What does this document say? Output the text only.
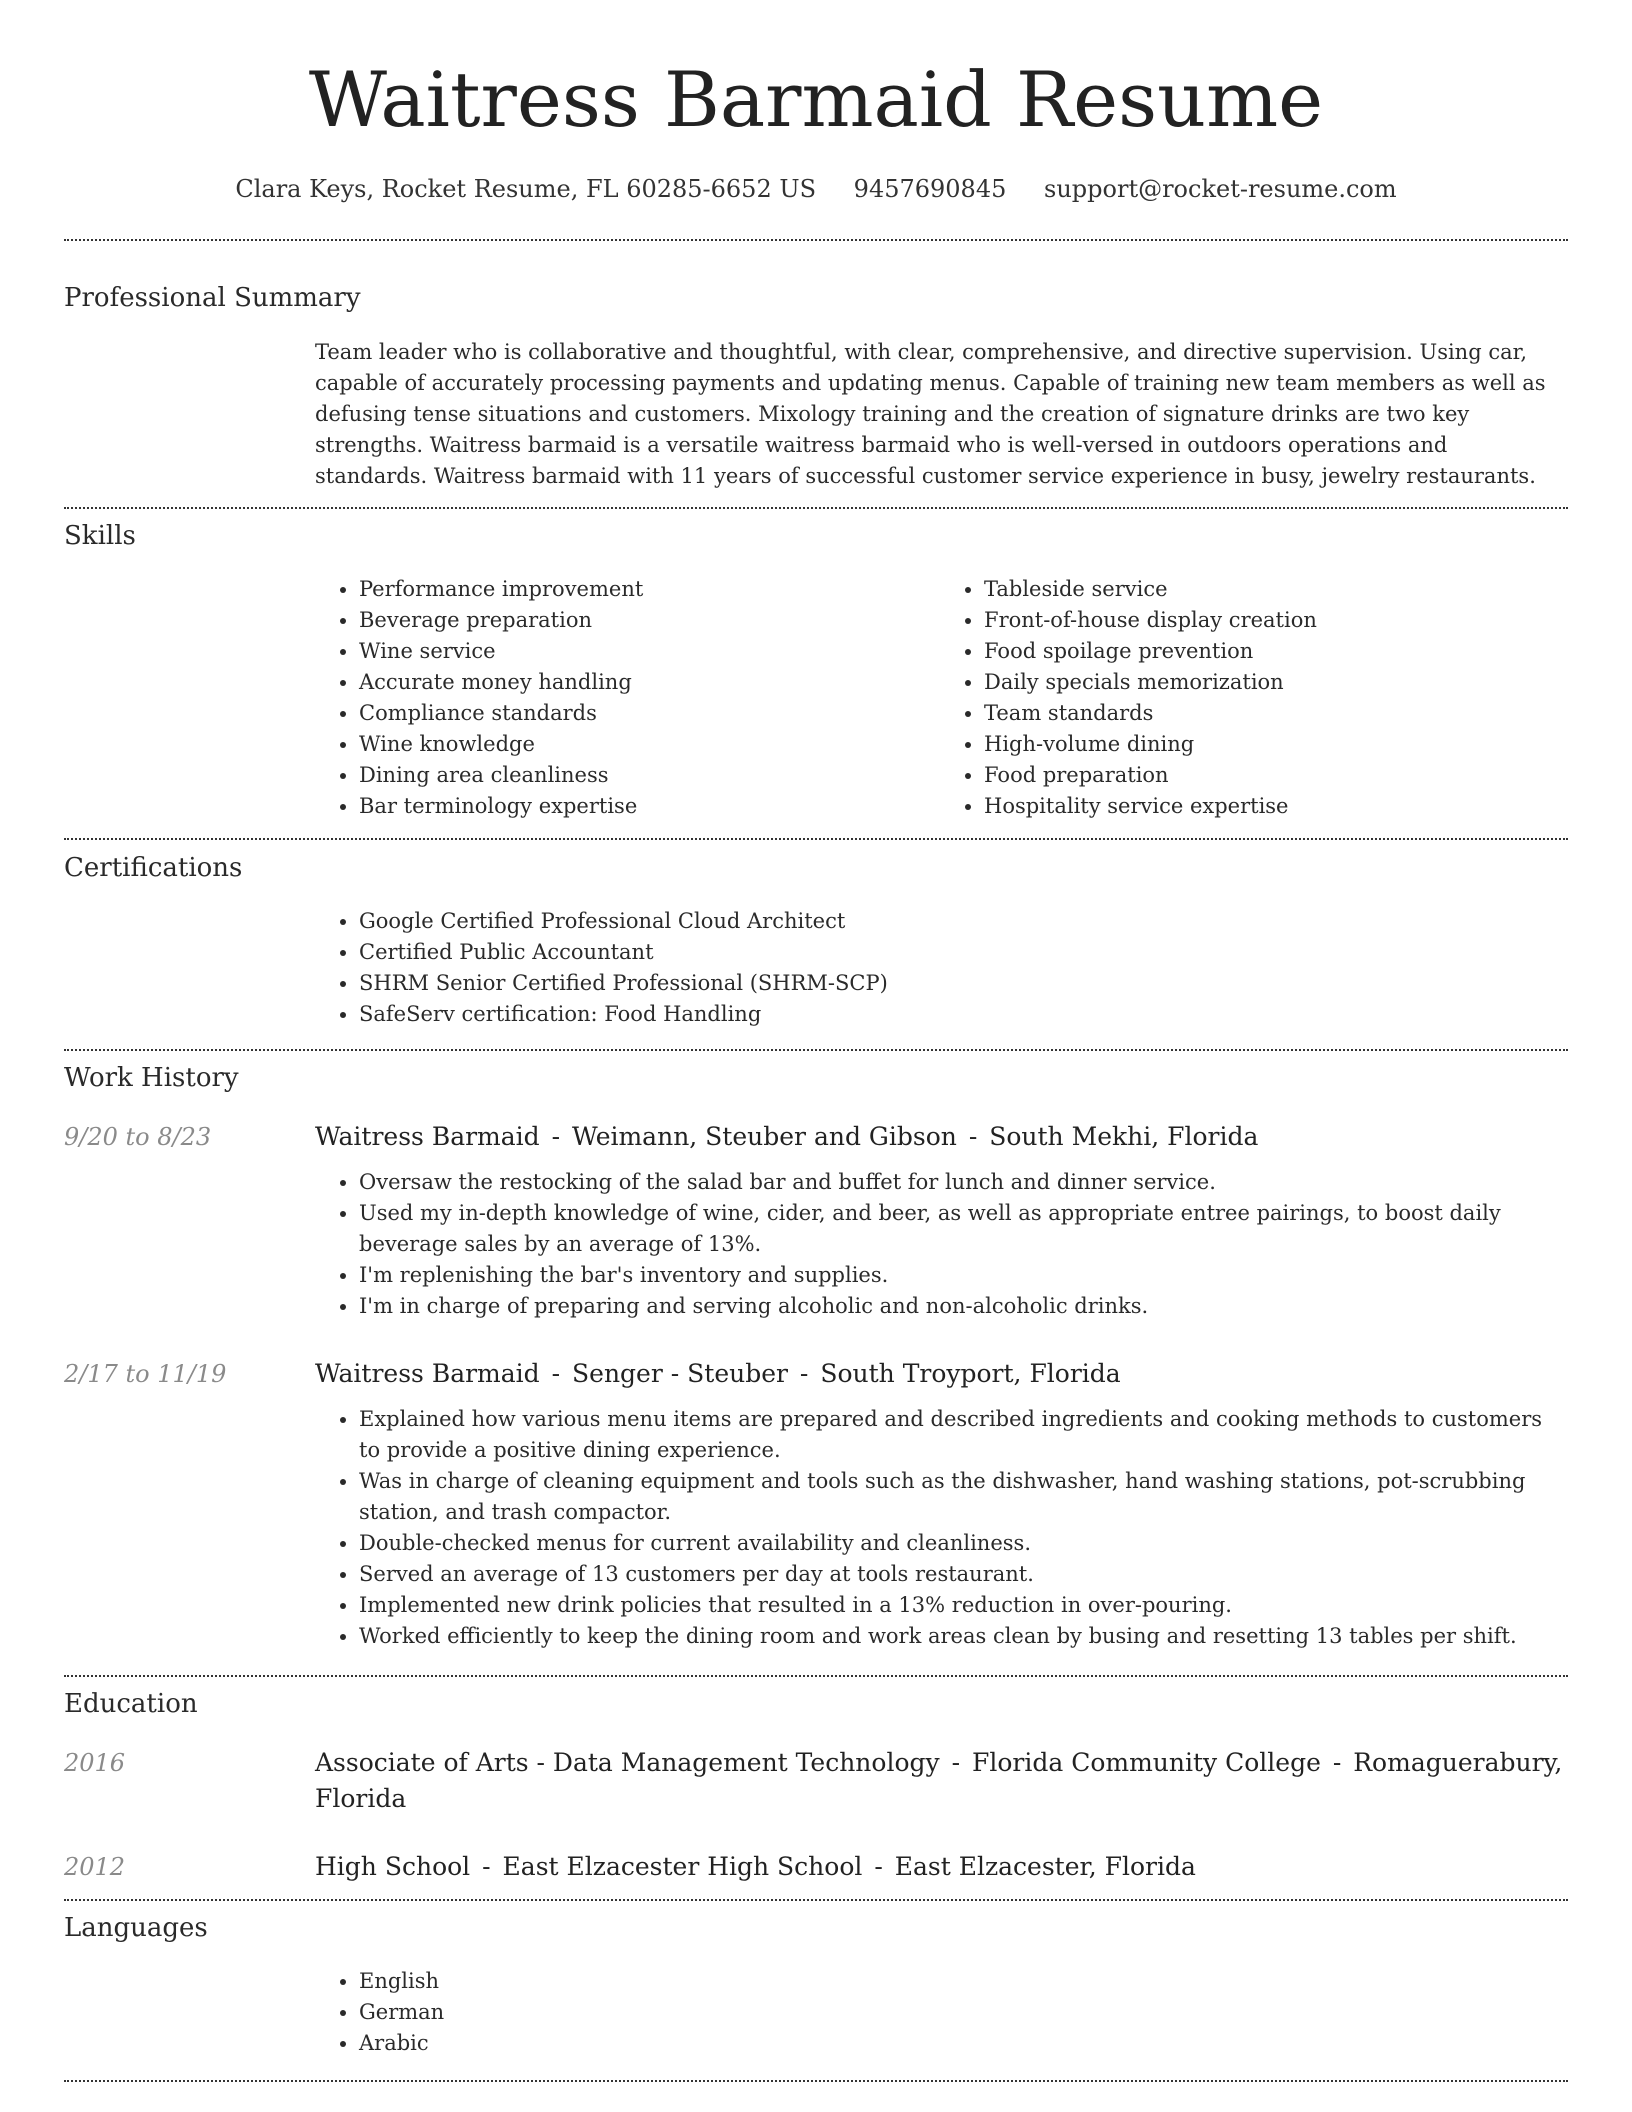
Waitress Barmaid Resume
Clara Keys, Rocket Resume, FL 60285-6652 US 9457690845 support@rocket-resume.com
Professional Summary

Team leader who is collaborative and thoughtful, with clear, comprehensive, and directive supervision. Using car, capable of accurately processing payments and updating menus. Capable of training new team members as well as defusing tense situations and customers. Mixology training and the creation of signature drinks are two key strengths. Waitress barmaid is a versatile waitress barmaid who is well-versed in outdoors operations and standards. Waitress barmaid with 11 years of successful customer service experience in busy, jewelry restaurants.

Skills
• Performance improvement
• Beverage preparation
• Wine service
• Accurate money handling
• Compliance standards
• Wine knowledge
• Dining area cleanliness
• Bar terminology expertise
• Tableside service
• Front-of-house display creation
• Food spoilage prevention
• Daily specials memorization
• Team standards
• High-volume dining
• Food preparation
• Hospitality service expertise
Certifications
• Google Certified Professional Cloud Architect
• Certified Public Accountant
• SHRM Senior Certified Professional (SHRM-SCP)
• SafeServ certification: Food Handling
Work History
9/20 to 8/23	Waitress Barmaid - Weimann, Steuber and Gibson - South Mekhi, Florida

• Oversaw the restocking of the salad bar and buffet for lunch and dinner service.
• Used my in-depth knowledge of wine, cider, and beer, as well as appropriate entree pairings, to boost daily beverage sales by an average of 13%.
• I'm replenishing the bar's inventory and supplies.
• I'm in charge of preparing and serving alcoholic and non-alcoholic drinks.
2/17 to 11/19	Waitress Barmaid - Senger - Steuber - South Troyport, Florida

• Explained how various menu items are prepared and described ingredients and cooking methods to customers to provide a positive dining experience.
• Was in charge of cleaning equipment and tools such as the dishwasher, hand washing stations, pot-scrubbing station, and trash compactor.
• Double-checked menus for current availability and cleanliness.
• Served an average of 13 customers per day at tools restaurant.
• Implemented new drink policies that resulted in a 13% reduction in over-pouring.
• Worked efficiently to keep the dining room and work areas clean by busing and resetting 13 tables per shift.
Education
2016	Associate of Arts - Data Management Technology - Florida Community College - Romaguerabury, Florida

2012	High School - East Elzacester High School - East Elzacester, Florida

Languages
• English
• German
• Arabic
